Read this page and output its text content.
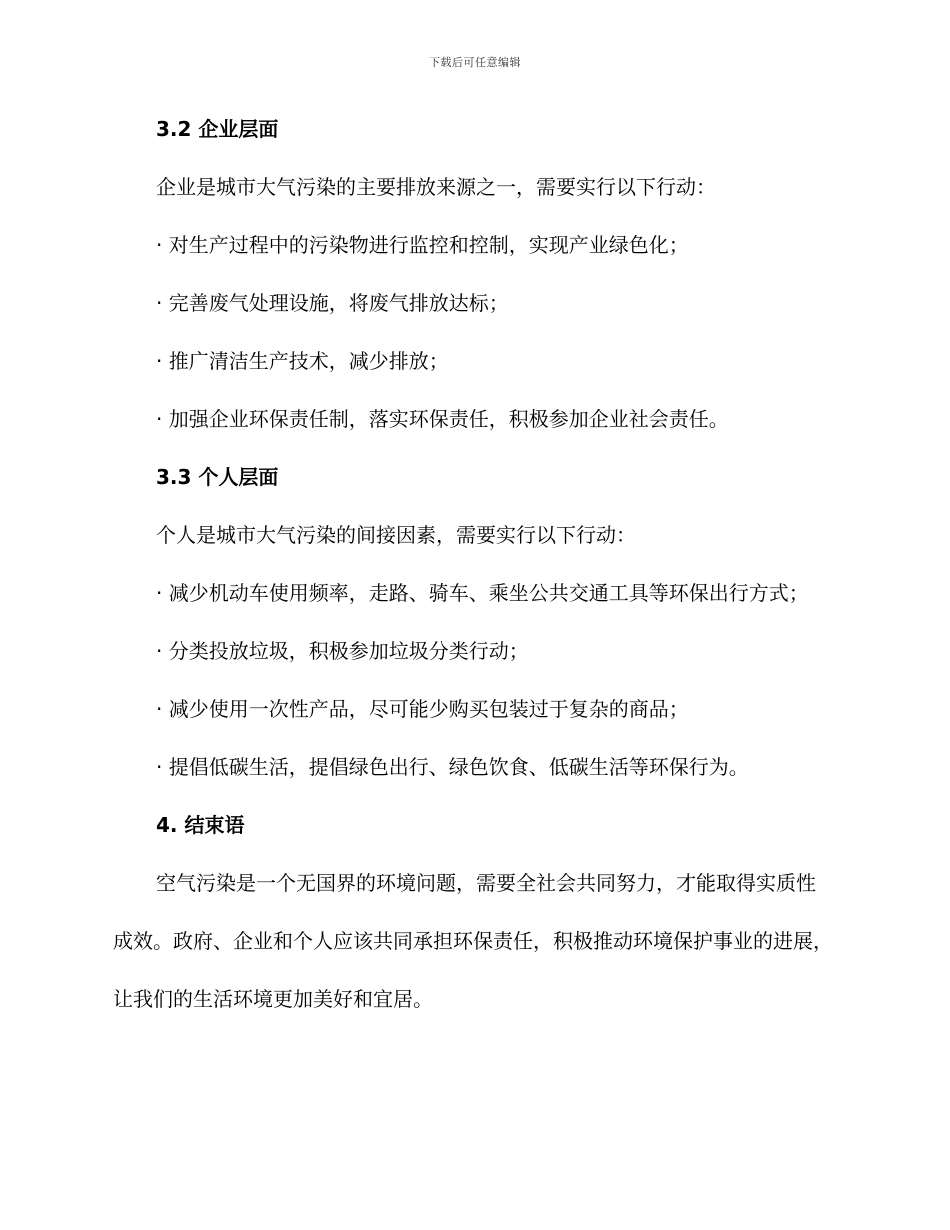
下载后可任意编辑
3.2 企业层面

企业是城市大气污染的主要排放来源之一，需要实行以下行动：

· 对生产过程中的污染物进行监控和控制，实现产业绿色化；

· 完善废气处理设施，将废气排放达标；

· 推广清洁生产技术，减少排放；

· 加强企业环保责任制，落实环保责任，积极参加企业社会责任。

3.3 个人层面

个人是城市大气污染的间接因素，需要实行以下行动：

· 减少机动车使用频率，走路、骑车、乘坐公共交通工具等环保出行方式；

· 分类投放垃圾，积极参加垃圾分类行动；

· 减少使用一次性产品，尽可能少购买包装过于复杂的商品；

· 提倡低碳生活，提倡绿色出行、绿色饮食、低碳生活等环保行为。

4. 结束语

空气污染是一个无国界的环境问题，需要全社会共同努力，才能取得实质性成效。政府、企业和个人应该共同承担环保责任，积极推动环境保护事业的进展，让我们的生活环境更加美好和宜居。
